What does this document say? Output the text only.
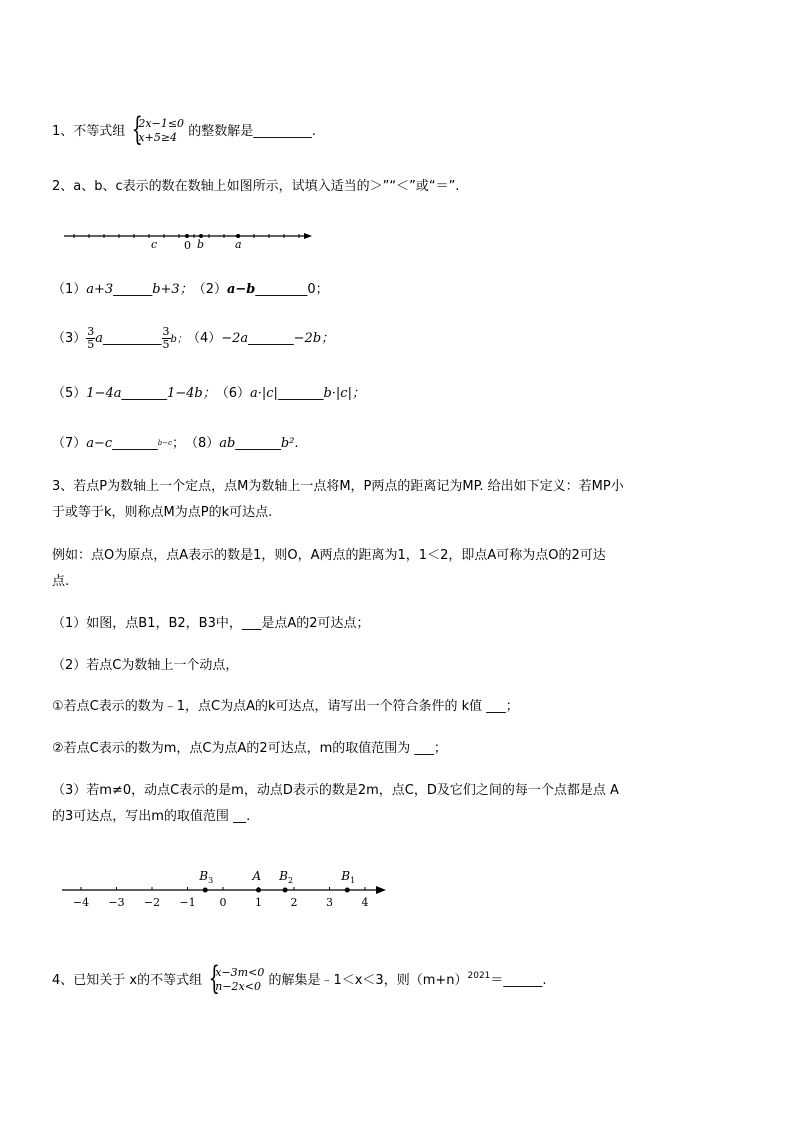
1、不等式组 { 2x−1≤0
x+5≥4 的整数解是_________.
2、a、b、c表示的数在数轴上如图所示，试填入适当的＞”“＜”或“＝”.
c 0 b	a
（1）a+3______b+3；（2）a−b________0；
$(3) \frac{3}{5}$ a_________ $\frac{3}{5}$ b；（4）−2a_______−2b；
（5）1−4a_______1−4b；（6）a·|c|_______b·|c|；
（7）a−c_______b−c；（8）ab_______b².
3、若点P为数轴上一个定点，点M为数轴上一点将M，P两点的距离记为MP. 给出如下定义：若MP小
于或等于k，则称点M为点P的k可达点.
例如：点O为原点，点A表示的数是1，则O，A两点的距离为1，1＜2，即点A可称为点O的2可达
点.
（1）如图，点B1，B2，B3中，___是点A的2可达点；
（2）若点C为数轴上一个动点，
①若点C表示的数为﹣1，点C为点A的k可达点，请写出一个符合条件的 k值 ___；
②若点C表示的数为m，点C为点A的2可达点，m的取值范围为 ___；
（3）若m≠0，动点C表示的是m，动点D表示的数是2m，点C，D及它们之间的每一个点都是点 A
的3可达点，写出m的取值范围 __.
−4 −3 −2 −1 0	1	2	3	4
$B_3$	A $B_2$	$B_1$
4、已知关于 x的不等式组 { x−3m<0
n−2x<0 的解集是﹣1＜x＜3，则$(m+n)^{2021}=\_\_\_\_\_\_$.
